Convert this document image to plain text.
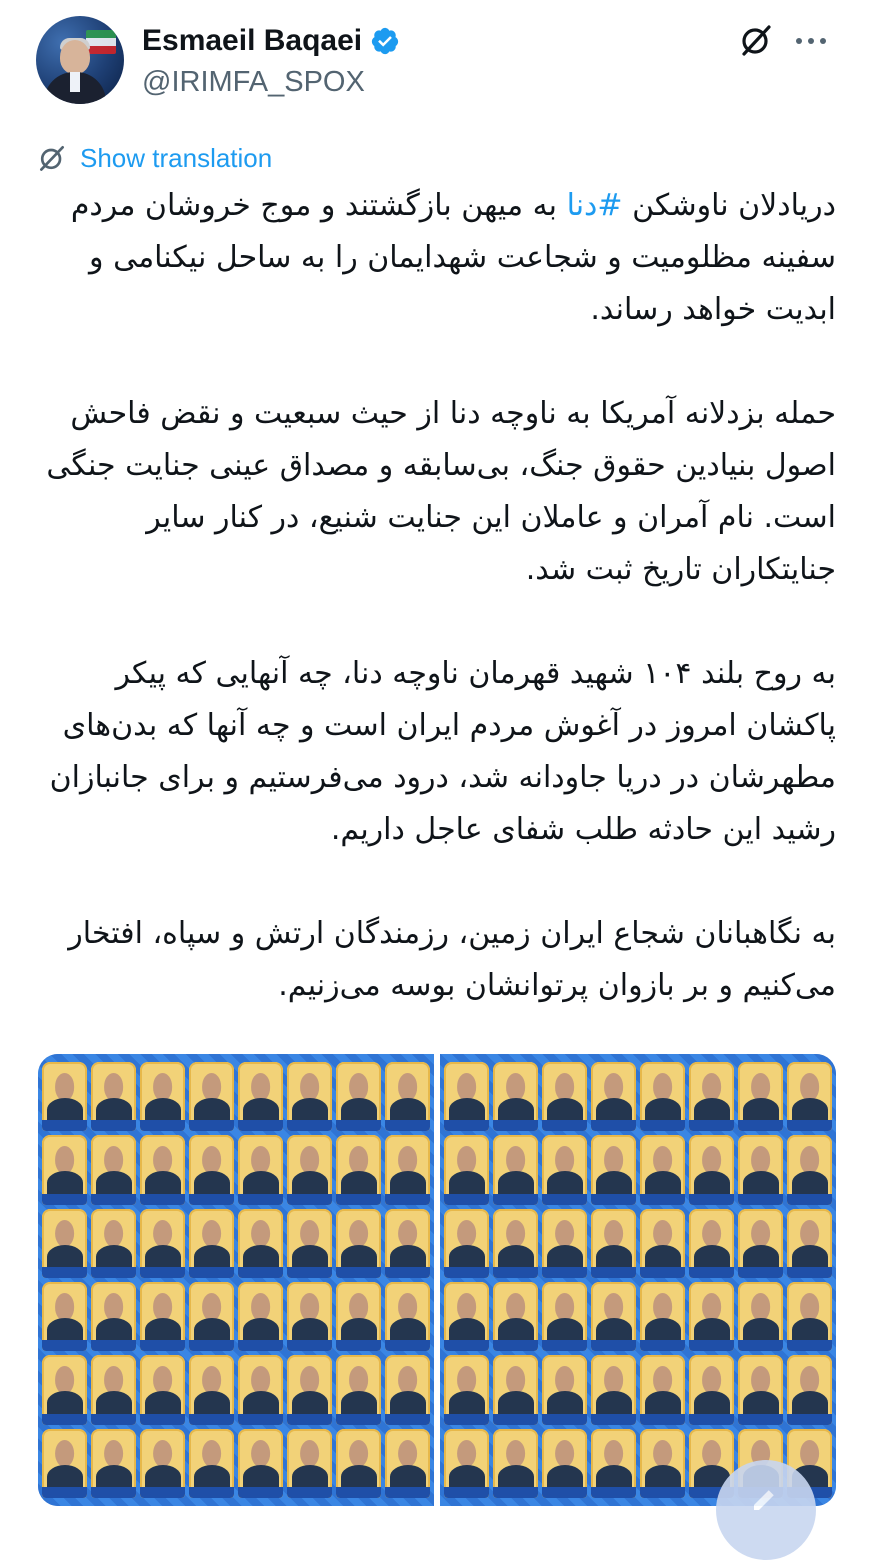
Esmaeil Baqaei
@IRIMFA_SPOX
Show translation

دریادلان ناوشکن #دنا به میهن بازگشتند و موج خروشان مردم سفینه مظلومیت و شجاعت شهدایمان را به ساحل نیکنامی و ابدیت خواهد رساند.

حمله بزدلانه آمریکا به ناوچه دنا از حیث سبعیت و نقض فاحش اصول بنیادین حقوق جنگ، بی‌سابقه و مصداق عینی جنایت جنگی است. نام آمران و عاملان این جنایت شنیع، در کنار سایر جنایتکاران تاریخ ثبت شد.

به روح بلند ۱۰۴ شهید قهرمان ناوچه دنا، چه آنهایی که پیکر پاکشان امروز در آغوش مردم ایران است و چه آنها که بدن‌های مطهرشان در دریا جاودانه شد، درود می‌فرستیم و برای جانبازان رشید این حادثه طلب شفای عاجل داریم.

به نگاهبانان شجاع ایران زمین، رزمندگان ارتش و سپاه، افتخار می‌کنیم و بر بازوان پرتوانشان بوسه می‌زنیم.
